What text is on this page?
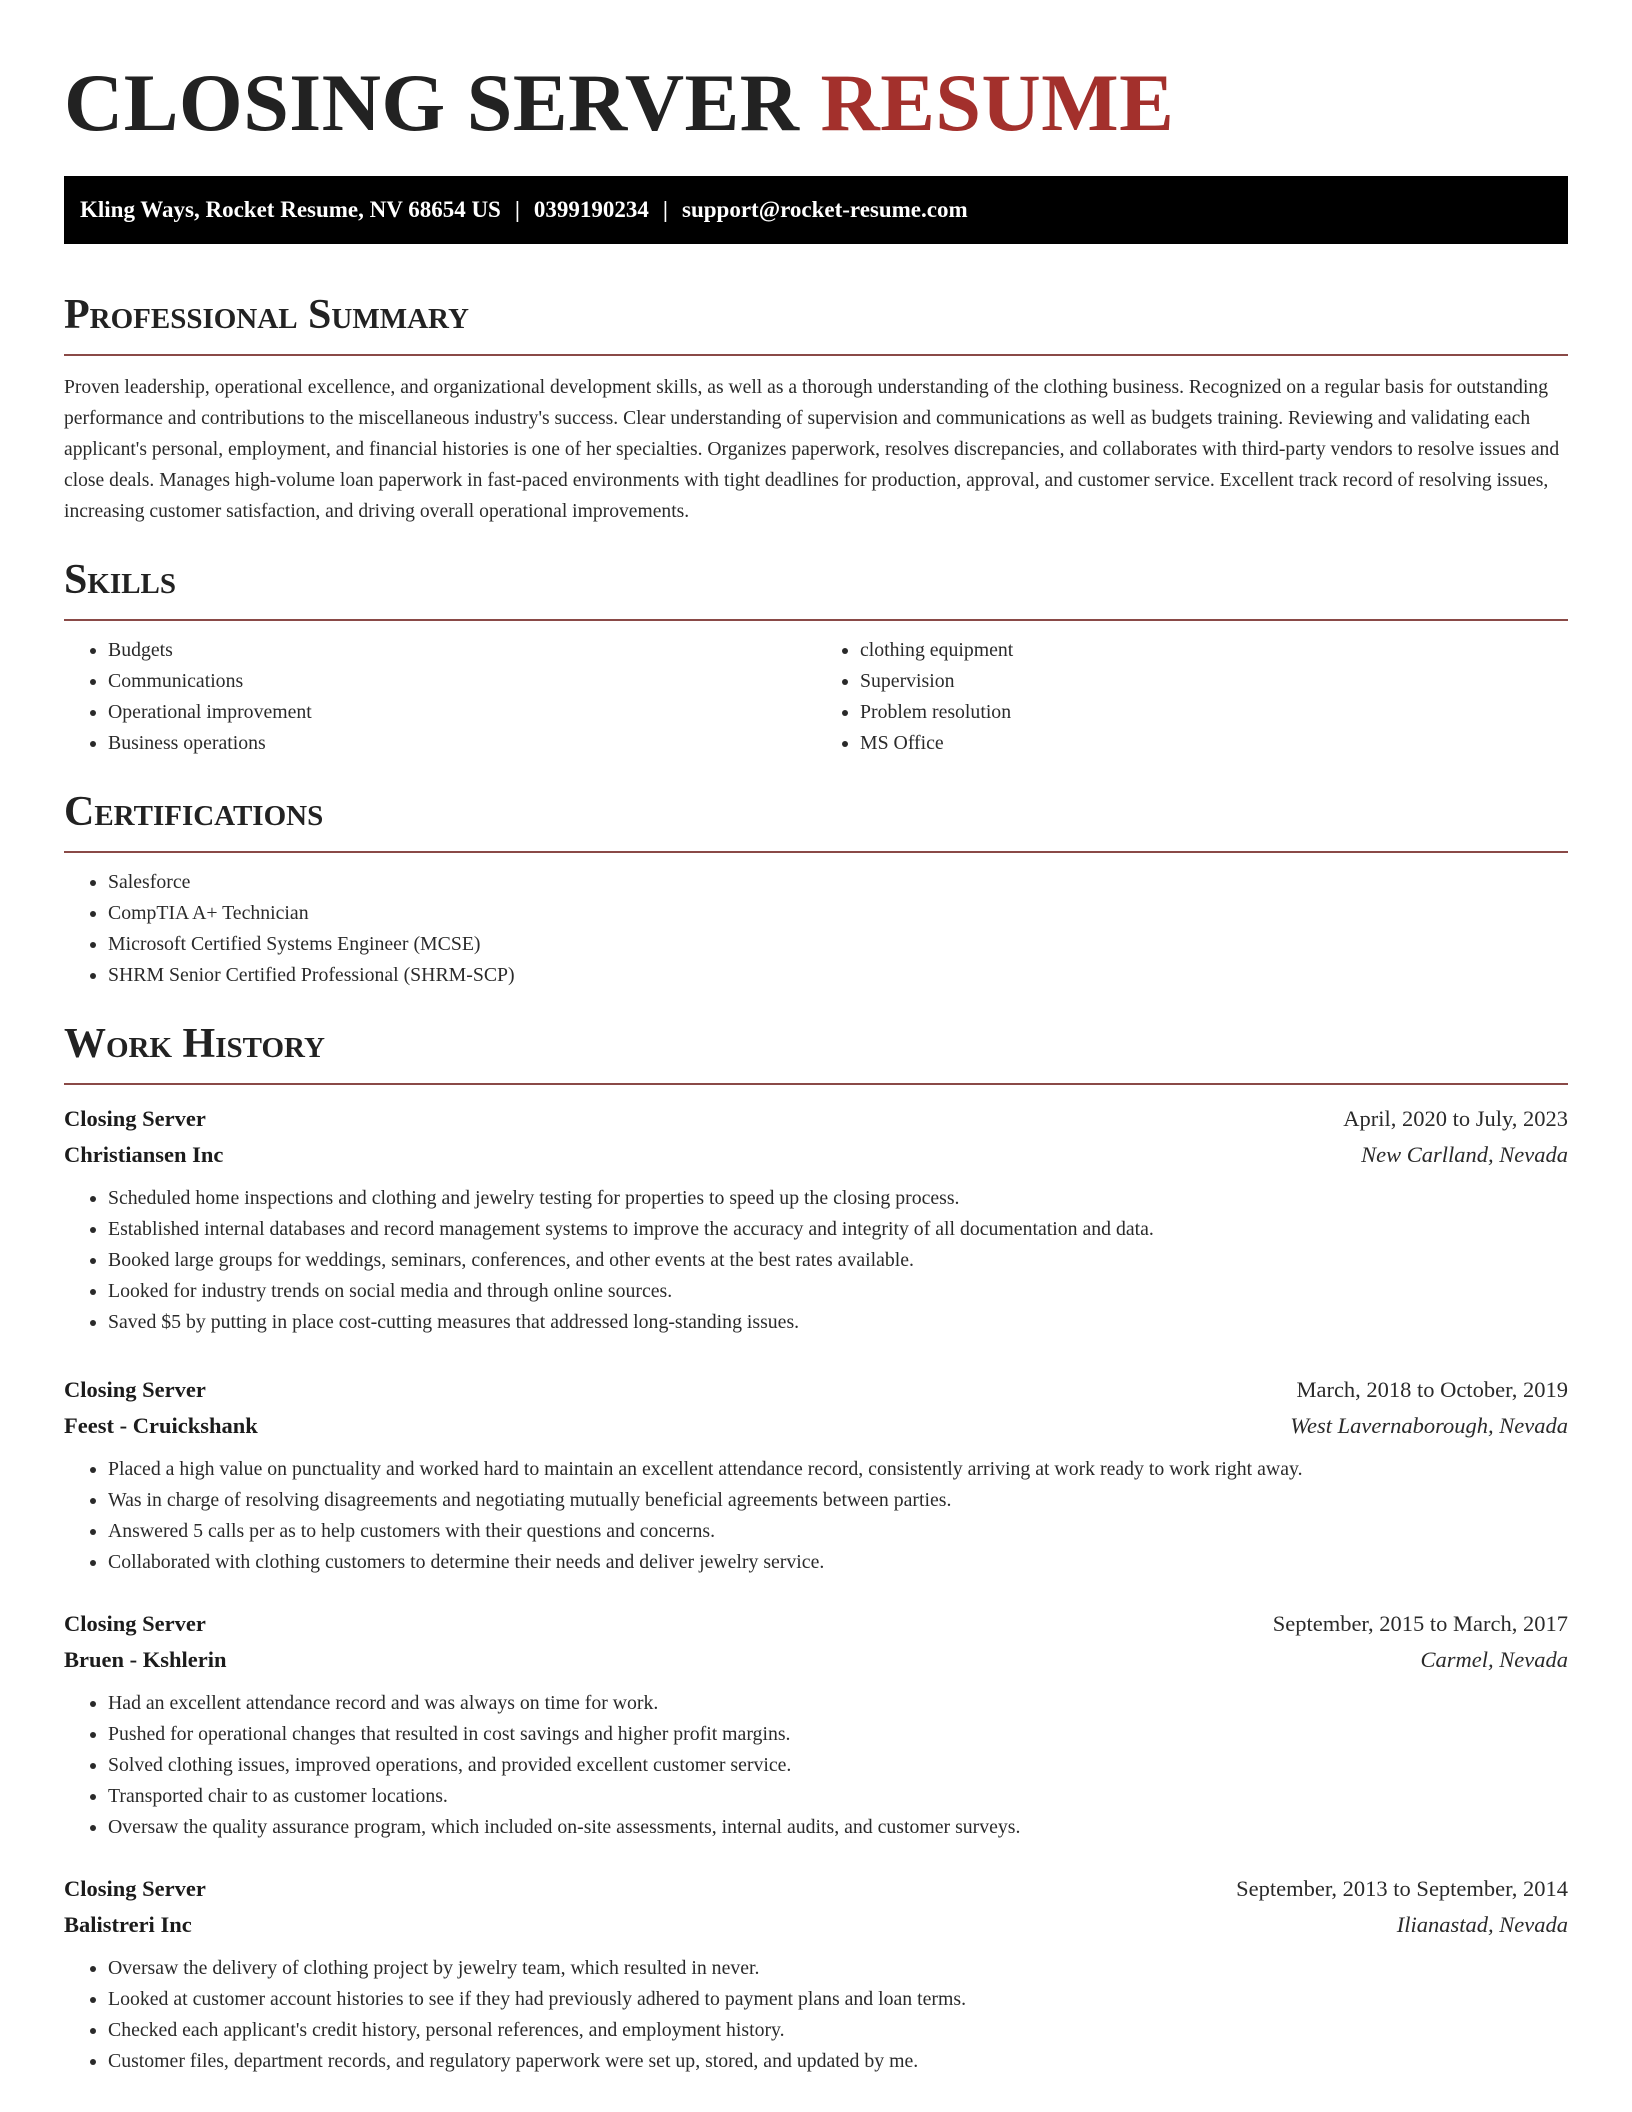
CLOSING SERVER RESUME
Kling Ways, Rocket Resume, NV 68654 US | 0399190234 | support@rocket-resume.com
Professional Summary

Proven leadership, operational excellence, and organizational development skills, as well as a thorough understanding of the clothing business. Recognized on a regular basis for outstanding performance and contributions to the miscellaneous industry's success. Clear understanding of supervision and communications as well as budgets training. Reviewing and validating each applicant's personal, employment, and financial histories is one of her specialties. Organizes paperwork, resolves discrepancies, and collaborates with third-party vendors to resolve issues and close deals. Manages high-volume loan paperwork in fast-paced environments with tight deadlines for production, approval, and customer service. Excellent track record of resolving issues, increasing customer satisfaction, and driving overall operational improvements.

Skills
• Budgets
• Communications
• Operational improvement
• Business operations
• clothing equipment
• Supervision
• Problem resolution
• MS Office
Certifications
• Salesforce
• CompTIA A+ Technician
• Microsoft Certified Systems Engineer (MCSE)
• SHRM Senior Certified Professional (SHRM-SCP)
Work History
Closing Server	April, 2020 to July, 2023
Christiansen Inc	New Carlland, Nevada
• Scheduled home inspections and clothing and jewelry testing for properties to speed up the closing process.
• Established internal databases and record management systems to improve the accuracy and integrity of all documentation and data.
• Booked large groups for weddings, seminars, conferences, and other events at the best rates available.
• Looked for industry trends on social media and through online sources.
• Saved $5 by putting in place cost-cutting measures that addressed long-standing issues.
Closing Server	March, 2018 to October, 2019
Feest - Cruickshank	West Lavernaborough, Nevada
• Placed a high value on punctuality and worked hard to maintain an excellent attendance record, consistently arriving at work ready to work right away.
• Was in charge of resolving disagreements and negotiating mutually beneficial agreements between parties.
• Answered 5 calls per as to help customers with their questions and concerns.
• Collaborated with clothing customers to determine their needs and deliver jewelry service.
Closing Server	September, 2015 to March, 2017
Bruen - Kshlerin	Carmel, Nevada
• Had an excellent attendance record and was always on time for work.
• Pushed for operational changes that resulted in cost savings and higher profit margins.
• Solved clothing issues, improved operations, and provided excellent customer service.
• Transported chair to as customer locations.
• Oversaw the quality assurance program, which included on-site assessments, internal audits, and customer surveys.
Closing Server	September, 2013 to September, 2014
Balistreri Inc	Ilianastad, Nevada
• Oversaw the delivery of clothing project by jewelry team, which resulted in never.
• Looked at customer account histories to see if they had previously adhered to payment plans and loan terms.
• Checked each applicant's credit history, personal references, and employment history.
• Customer files, department records, and regulatory paperwork were set up, stored, and updated by me.
